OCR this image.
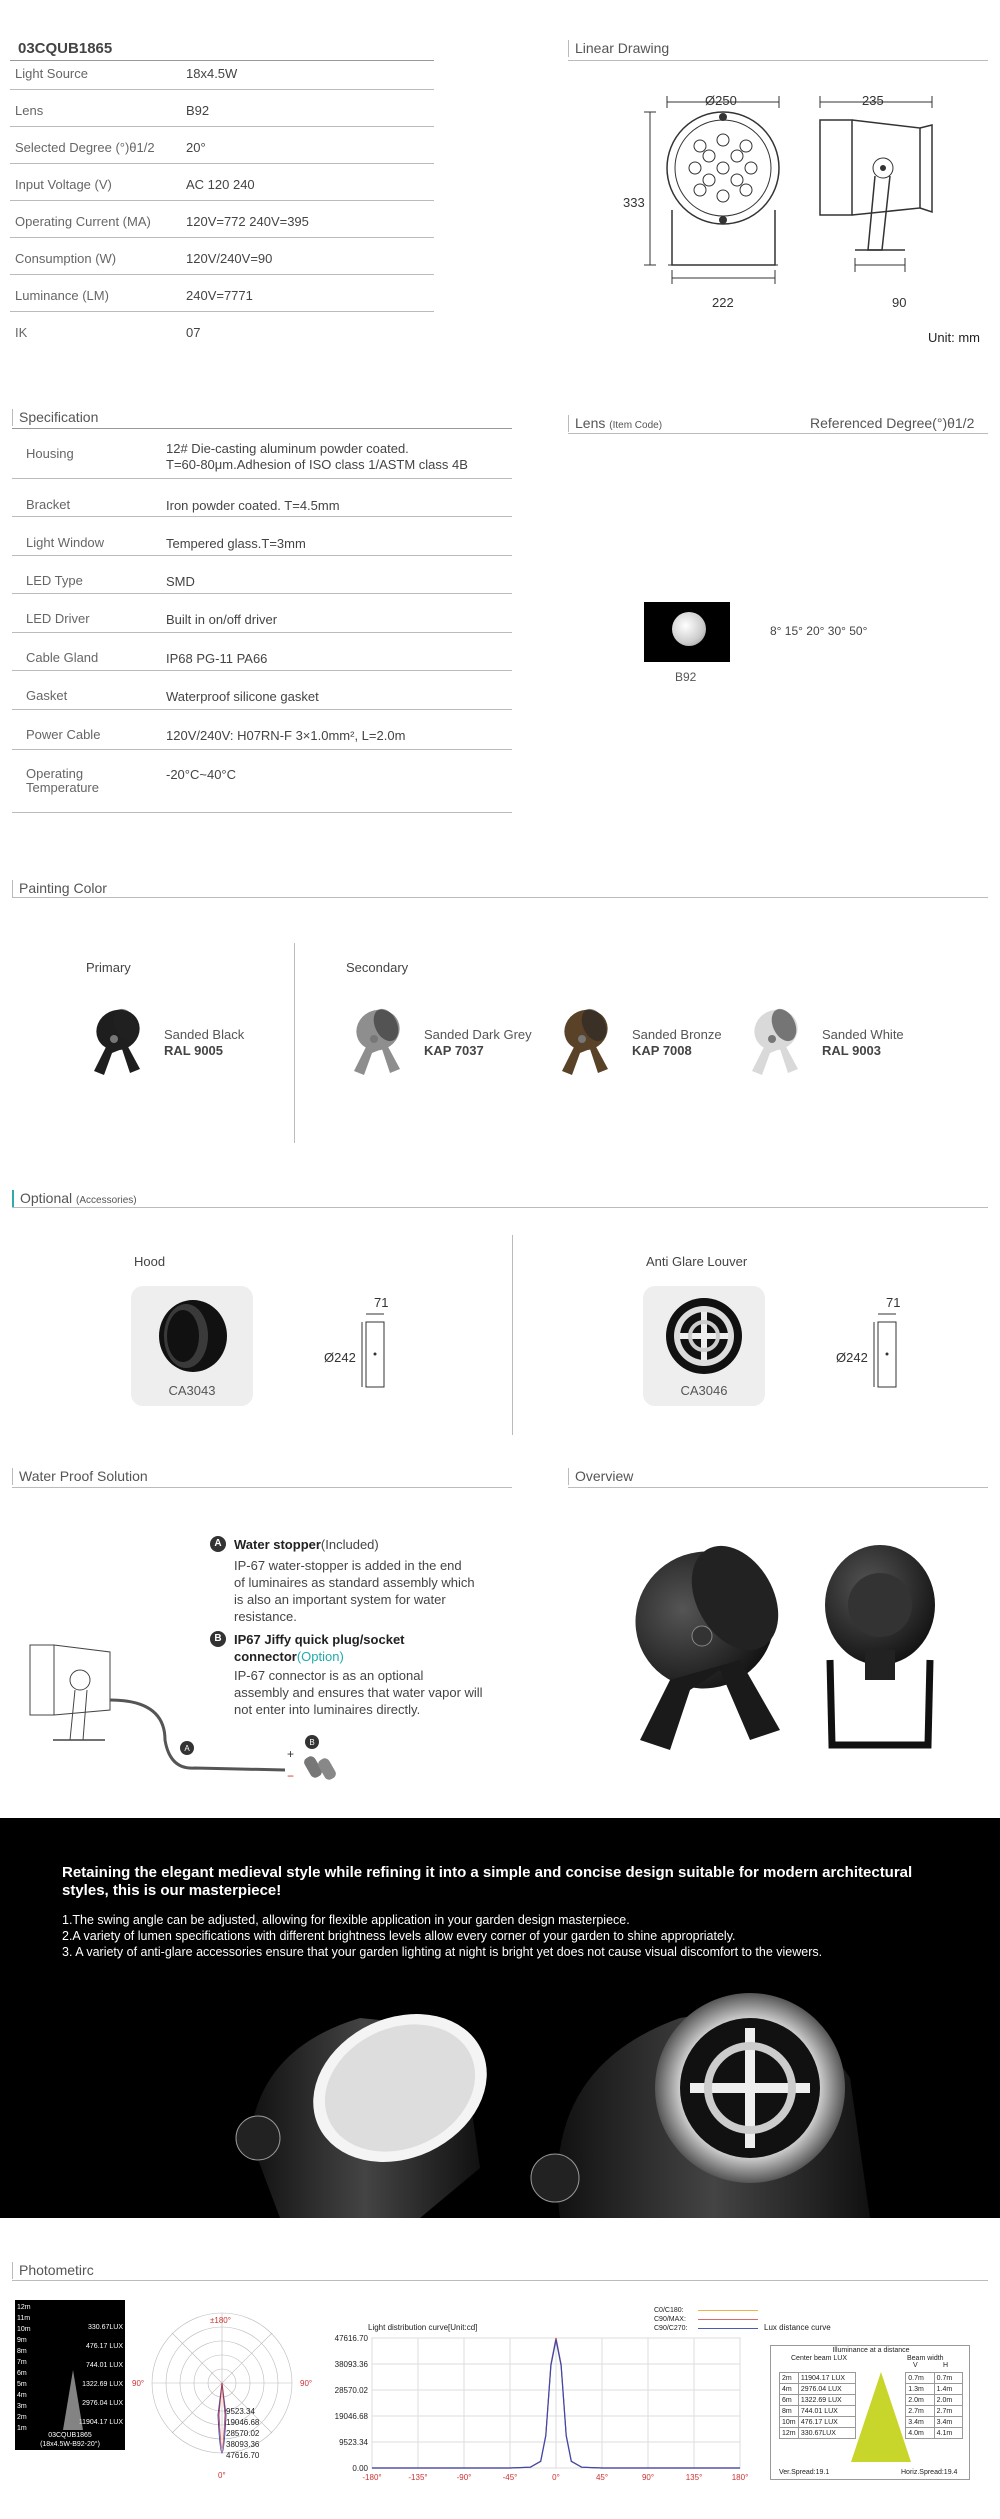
03CQUB1865
Light Source	18x4.5W
Lens	B92
Selected Degree (°)θ1/2 20°
Input Voltage (V)	AC 120 240
Operating Current (MA)	120V=772 240V=395
Consumption (W)	120V/240V=90
Luminance (LM)	240V=7771
IK	07
Linear Drawing
Ø250
333
222
235
90
Unit: mm
Specification
Housing	12# Die-casting aluminum powder coated.
T=60-80μm.Adhesion of ISO class 1/ASTM class 4B
Bracket	Iron powder coated. T=4.5mm
Light Window	Tempered glass.T=3mm
LED Type	SMD
LED Driver	Built in on/off driver
Cable Gland	IP68 PG-11 PA66
Gasket	Waterproof silicone gasket
Power Cable	120V/240V: H07RN-F 3×1.0mm², L=2.0m
Operating
Temperature
-20°C~40°C
Lens (Item Code)	Referenced Degree(°)θ1/2
B92
8° 15° 20° 30° 50°
Painting Color
Primary	Secondary
Sanded Black
RAL 9005
Sanded Dark Grey
KAP 7037
Sanded Bronze
KAP 7008
Sanded White
RAL 9003
Optional (Accessories)
Hood
CA3043
71
Ø242
Anti Glare Louver
CA3046
71
Ø242
Water Proof Solution
A Water stopper(Included)
IP-67 water-stopper is added in the end
of luminaires as standard assembly which
is also an important system for water
resistance.
B IP67 Jiffy quick plug/socket connector(Option)
IP-67 connector is as an optional
assembly and ensures that water vapor will
not enter into luminaires directly.
A
B
+
−
Overview
Retaining the elegant medieval style while refining it into a simple and concise design suitable for modern architectural styles, this is our masterpiece!
1.The swing angle can be adjusted, allowing for flexible application in your garden design masterpiece.
2.A variety of lumen specifications with different brightness levels allow every corner of your garden to shine appropriately.
3. A variety of anti-glare accessories ensure that your garden lighting at night is bright yet does not cause visual discomfort to the viewers.
Photometirc
12m
11m
10m
9m
8m
7m
6m
5m
4m
3m
2m
1m
330.67LUX
476.17 LUX
744.01 LUX
1322.69 LUX
2976.04 LUX
11904.17 LUX
03CQUB1865
(18x4.5W-B92-20°)
±180°
90°	90°
0°
9523.34
19046.68
28570.02
38093.36
47616.70
Light distribution curve[Unit:cd]
C0/C180:
C90/MAX:
C90/C270:
0.00
9523.34
19046.68
28570.02
38093.36
47616.70
-180°	-135°	-90°	-45°	0°	45°	90°	135°	180°
Lux distance curve
Illuminance at a distance
Center beam LUX	Beam width
V	H
2m	11904.17 LUX		0.7m	0.7m
4m	2976.04 LUX		1.3m	1.4m
6m	1322.69 LUX		2.0m	2.0m
8m	744.01 LUX		2.7m	2.7m
10m	476.17 LUX		3.4m	3.4m
12m	330.67LUX		4.0m	4.1m
Ver.Spread:19.1	Horiz.Spread:19.4
